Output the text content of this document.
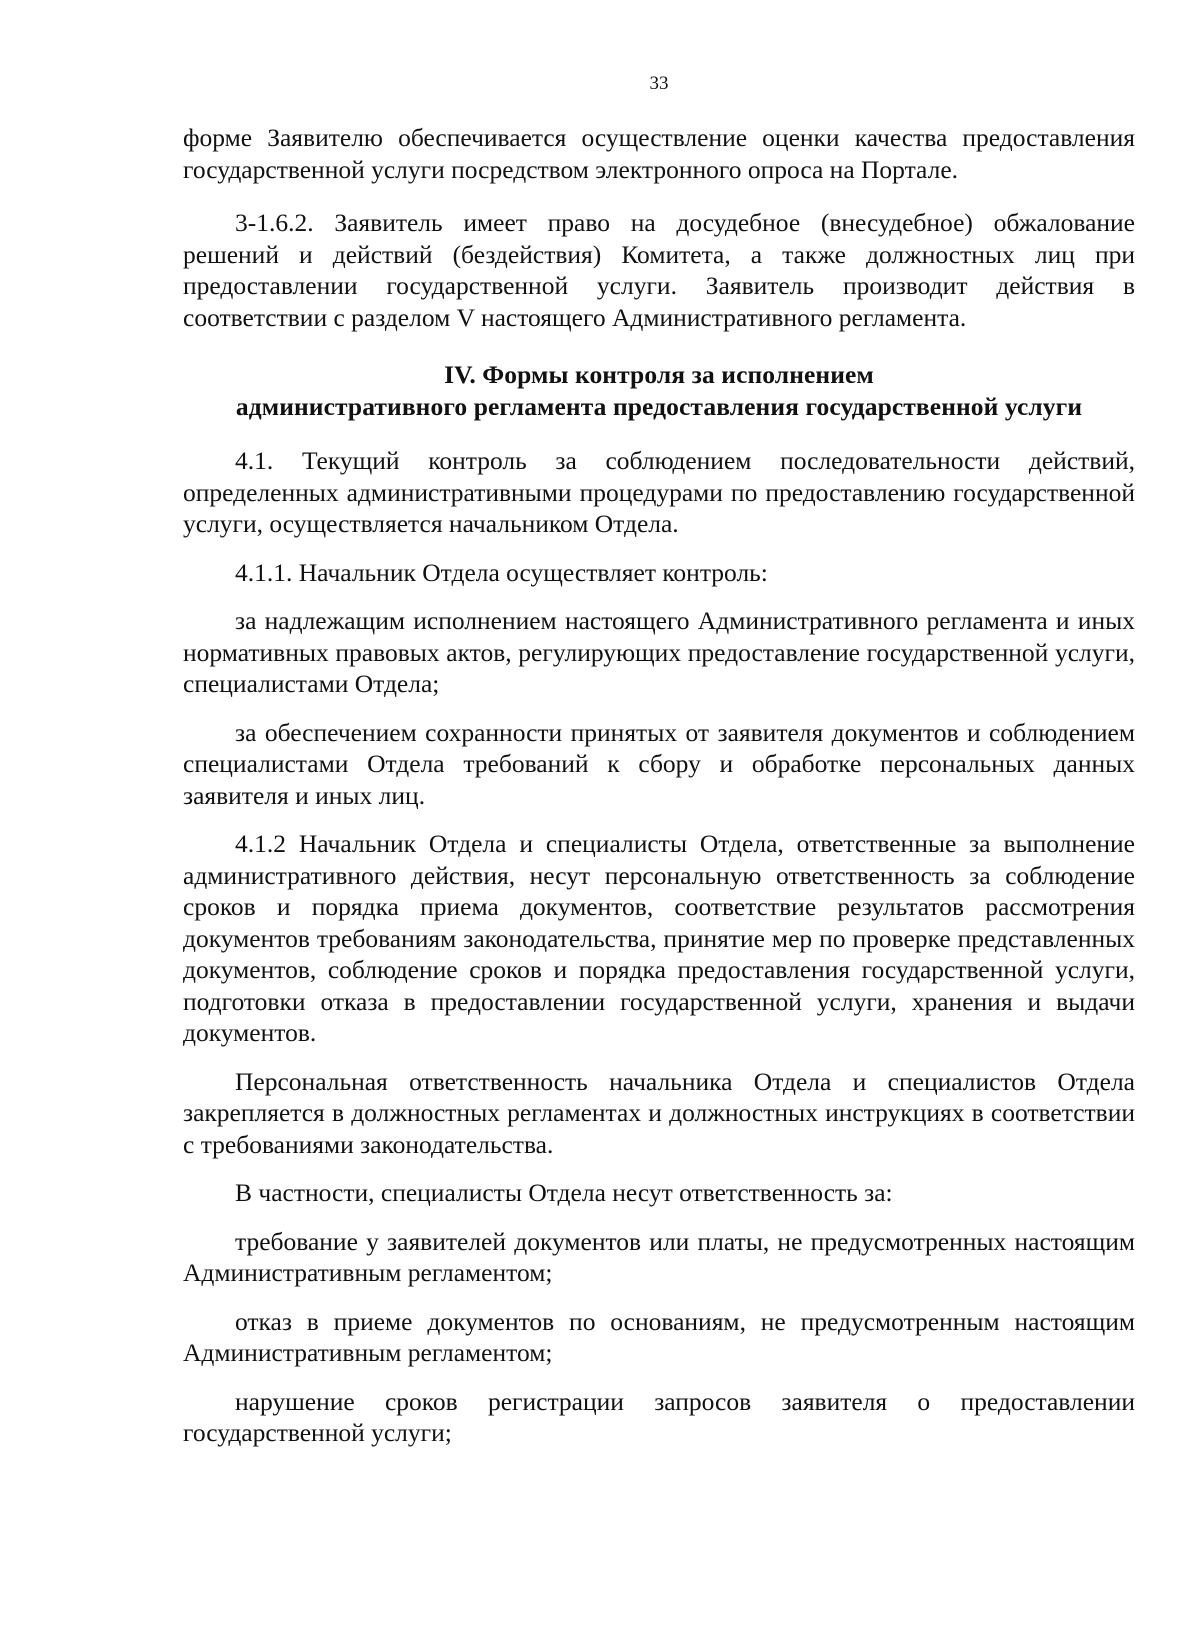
33

форме Заявителю обеспечивается осуществление оценки качества предоставления государственной услуги посредством электронного опроса на Портале.

3-1.6.2. Заявитель имеет право на досудебное (внесудебное) обжалование решений и действий (бездействия) Комитета, а также должностных лиц при предоставлении государственной услуги. Заявитель производит действия в соответствии с разделом V настоящего Административного регламента.

IV. Формы контроля за исполнением
административного регламента предоставления государственной услуги

4.1. Текущий контроль за соблюдением последовательности действий, определенных административными процедурами по предоставлению государственной услуги, осуществляется начальником Отдела.

4.1.1. Начальник Отдела осуществляет контроль:

за надлежащим исполнением настоящего Административного регламента и иных нормативных правовых актов, регулирующих предоставление государственной услуги, специалистами Отдела;

за обеспечением сохранности принятых от заявителя документов и соблюдением специалистами Отдела требований к сбору и обработке персональных данных заявителя и иных лиц.

4.1.2 Начальник Отдела и специалисты Отдела, ответственные за выполнение административного действия, несут персональную ответственность за соблюдение сроков и порядка приема документов, соответствие результатов рассмотрения документов требованиям законодательства, принятие мер по проверке представленных документов, соблюдение сроков и порядка предоставления государственной услуги, подготовки отказа в предоставлении государственной услуги, хранения и выдачи документов.

Персональная ответственность начальника Отдела и специалистов Отдела закрепляется в должностных регламентах и должностных инструкциях в соответствии с требованиями законодательства.

В частности, специалисты Отдела несут ответственность за:

требование у заявителей документов или платы, не предусмотренных настоящим Административным регламентом;

отказ в приеме документов по основаниям, не предусмотренным настоящим Административным регламентом;

нарушение сроков регистрации запросов заявителя о предоставлении государственной услуги;
